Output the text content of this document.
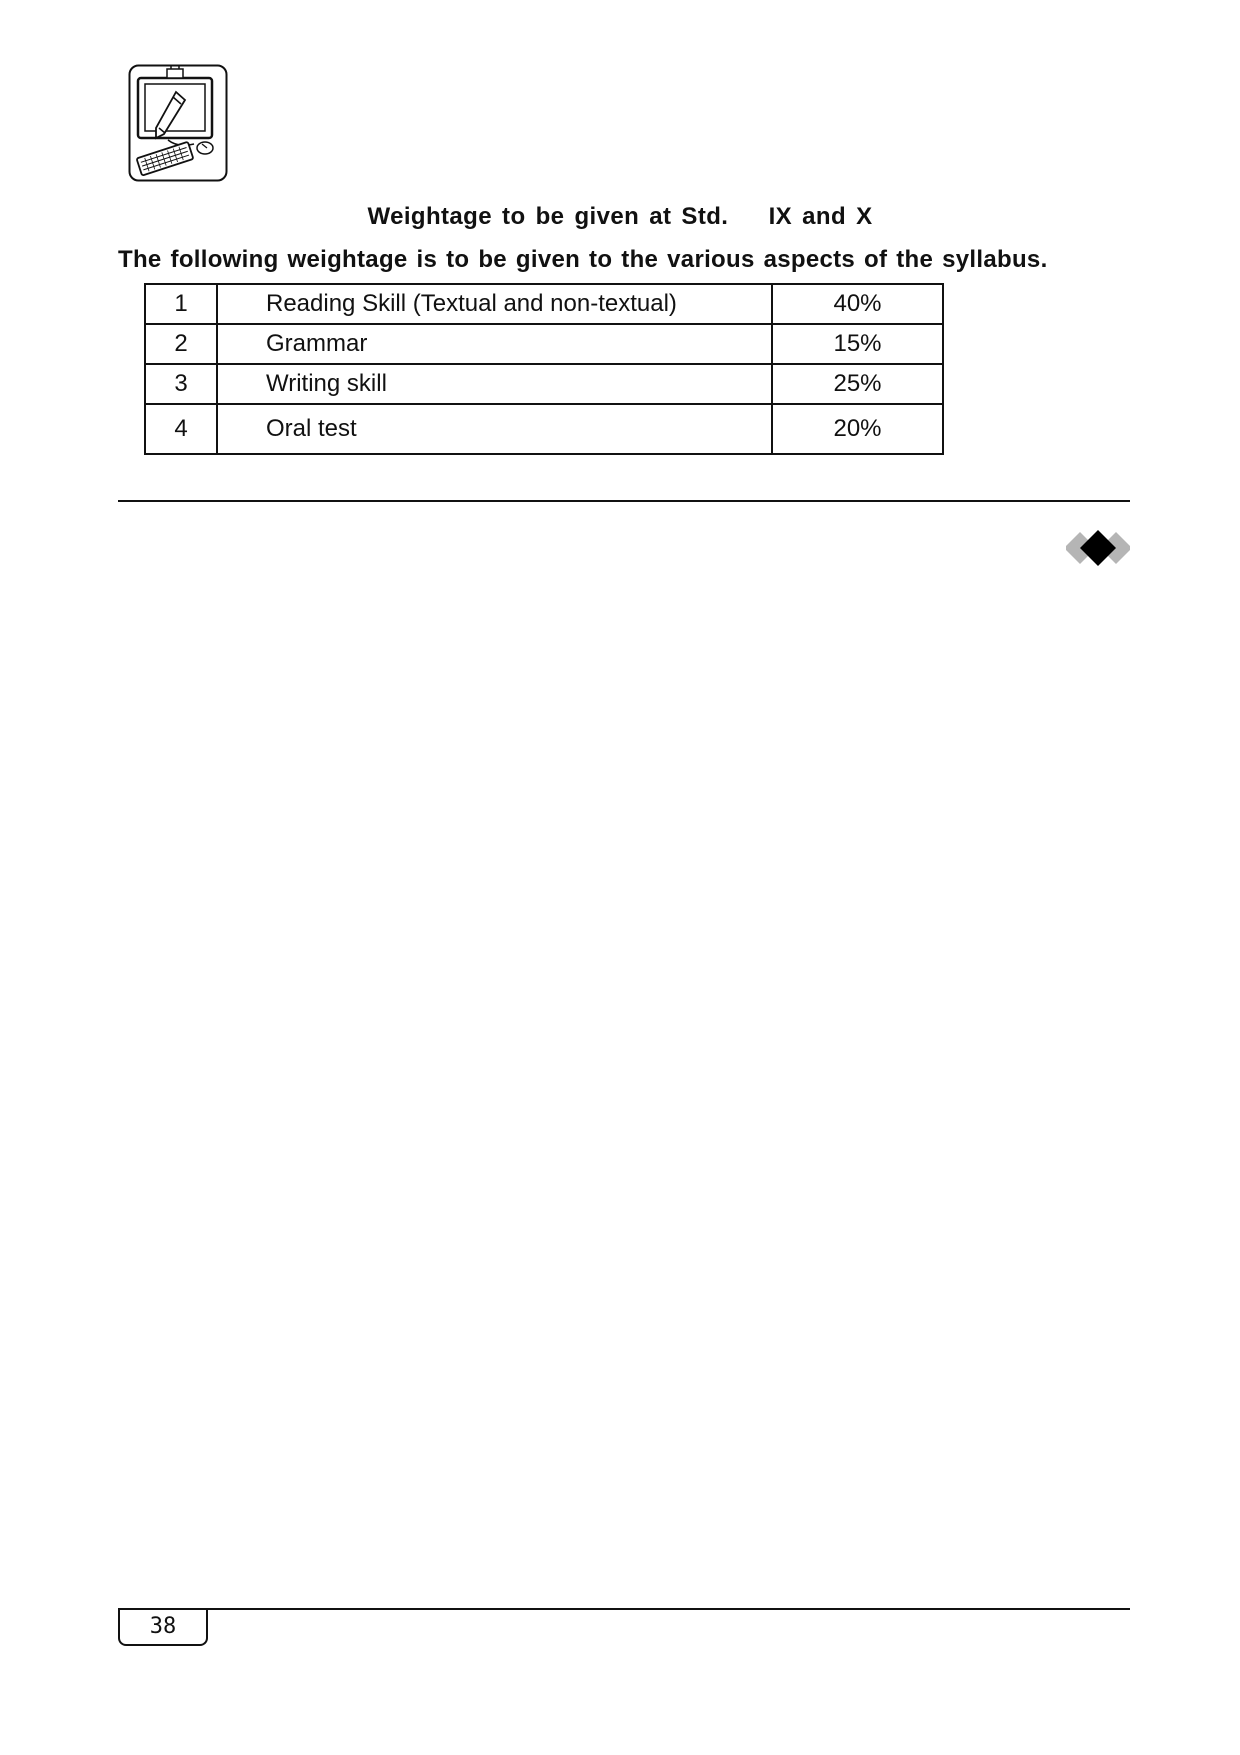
Weightage to be given at Std.    IX and X
The following weightage is to be given to the various aspects of the syllabus.
1	Reading Skill (Textual and non-textual)	40%
2	Grammar	15%
3	Writing skill	25%
4	Oral test	20%
38
